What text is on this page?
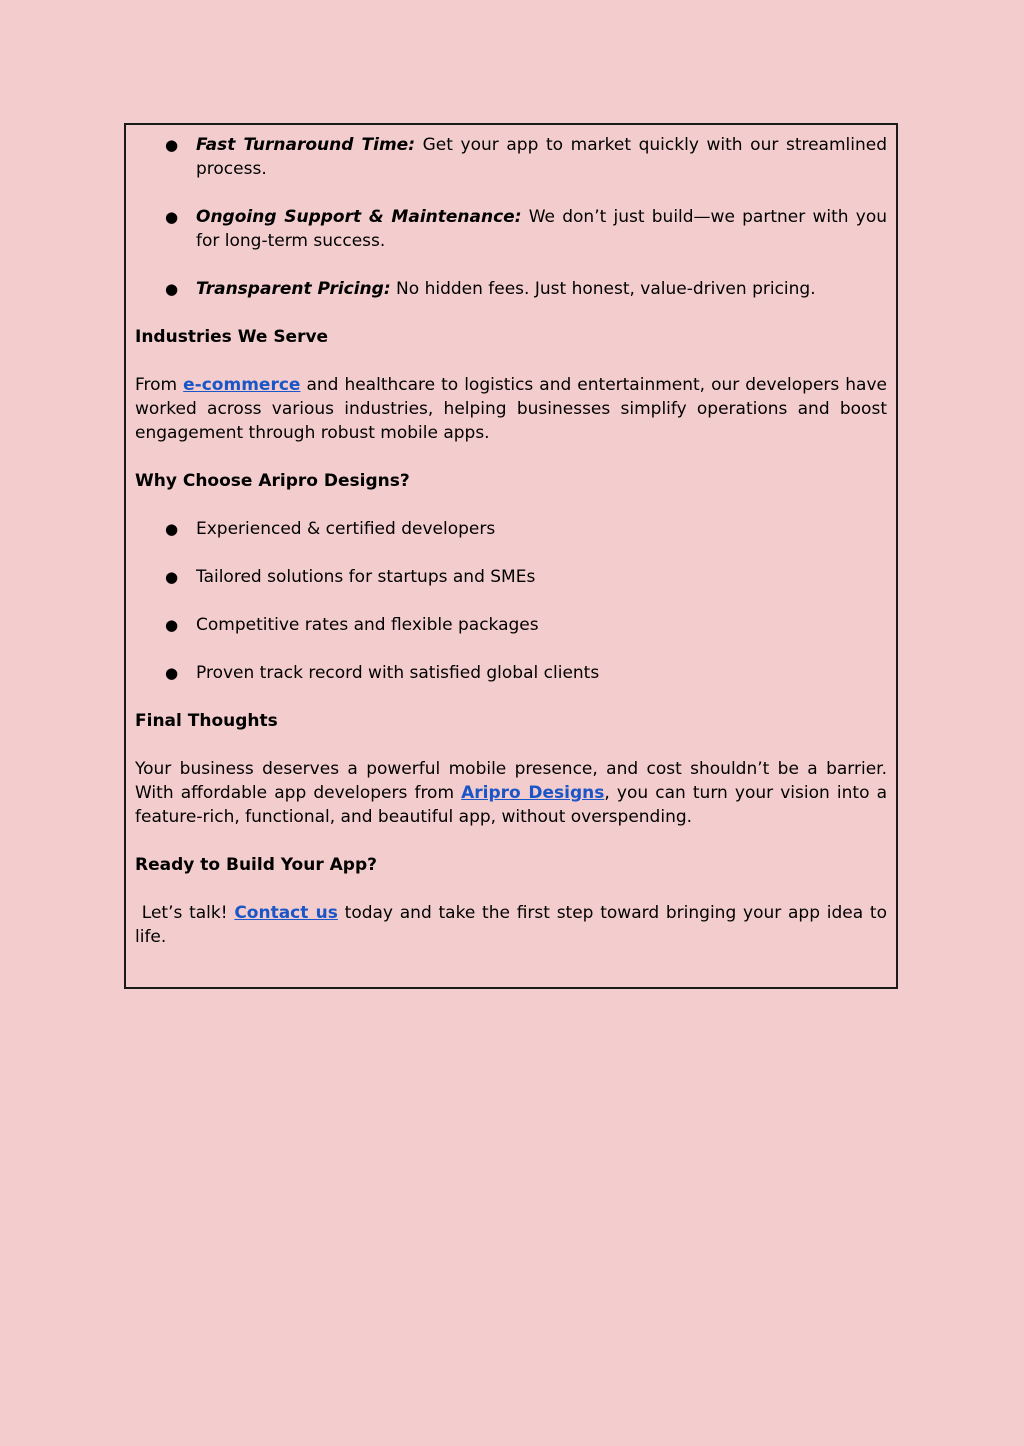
● Fast Turnaround Time: Get your app to market quickly with our streamlined process.
● Ongoing Support & Maintenance: We don’t just build—we partner with you for long-term success.
● Transparent Pricing: No hidden fees. Just honest, value-driven pricing.
Industries We Serve
From e-commerce and healthcare to logistics and entertainment, our developers have worked across various industries, helping businesses simplify operations and boost engagement through robust mobile apps.
Why Choose Aripro Designs?
● Experienced & certified developers
● Tailored solutions for startups and SMEs
● Competitive rates and flexible packages
● Proven track record with satisfied global clients
Final Thoughts
Your business deserves a powerful mobile presence, and cost shouldn’t be a barrier. With affordable app developers from Aripro Designs, you can turn your vision into a feature-rich, functional, and beautiful app, without overspending.
Ready to Build Your App?
Let’s talk! Contact us today and take the first step toward bringing your app idea to life.
